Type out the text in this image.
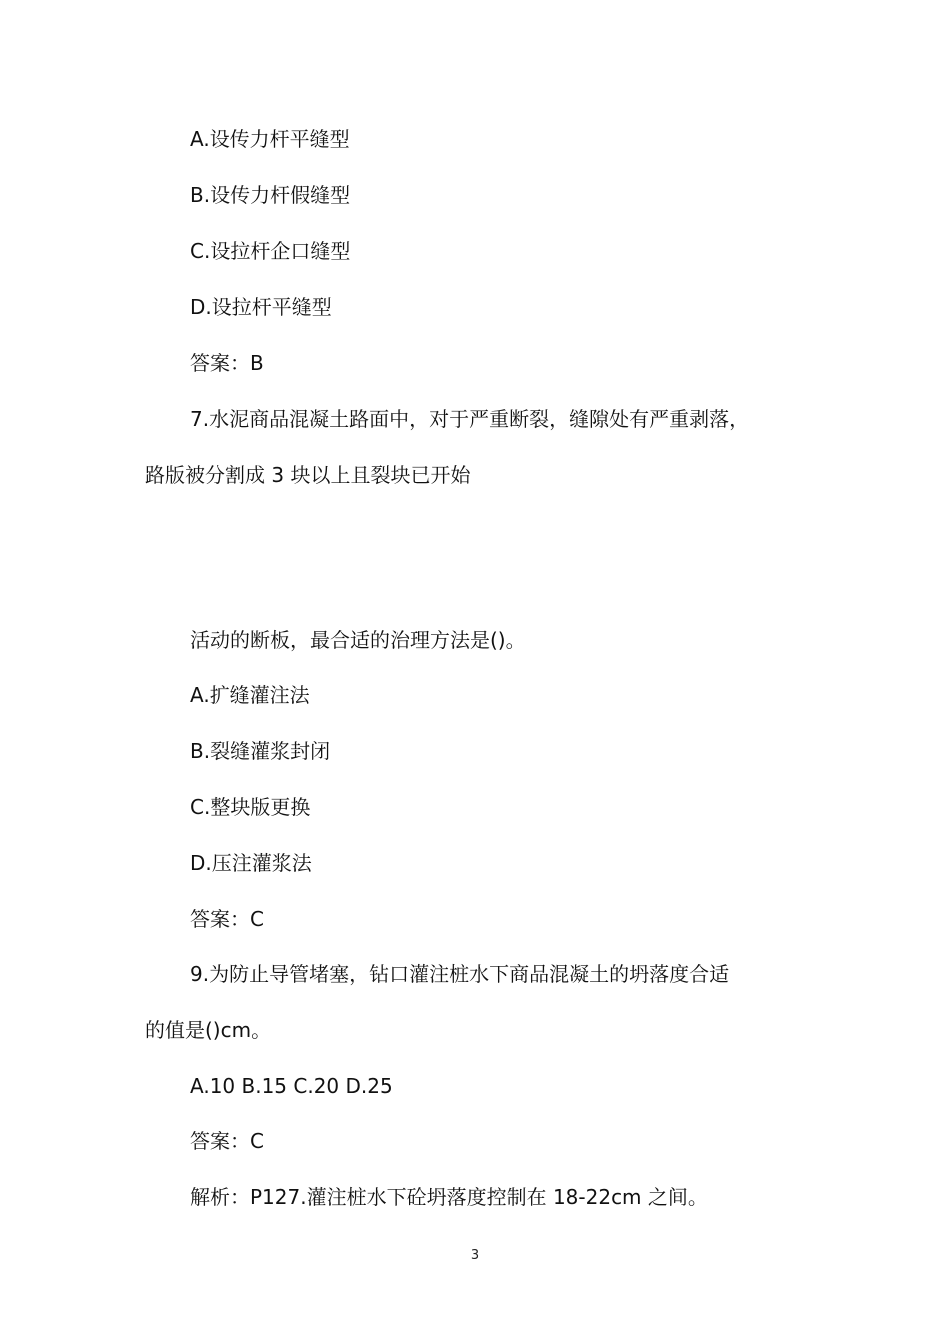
A.设传力杆平缝型
B.设传力杆假缝型
C.设拉杆企口缝型
D.设拉杆平缝型
答案：B
7.水泥商品混凝土路面中，对于严重断裂，缝隙处有严重剥落，
路版被分割成 3 块以上且裂块已开始
活动的断板，最合适的治理方法是()。
A.扩缝灌注法
B.裂缝灌浆封闭
C.整块版更换
D.压注灌浆法
答案：C
9.为防止导管堵塞，钻口灌注桩水下商品混凝土的坍落度合适
的值是()cm。
A.10 B.15 C.20 D.25
答案：C
解析：P127.灌注桩水下砼坍落度控制在 18-22cm 之间。
3
